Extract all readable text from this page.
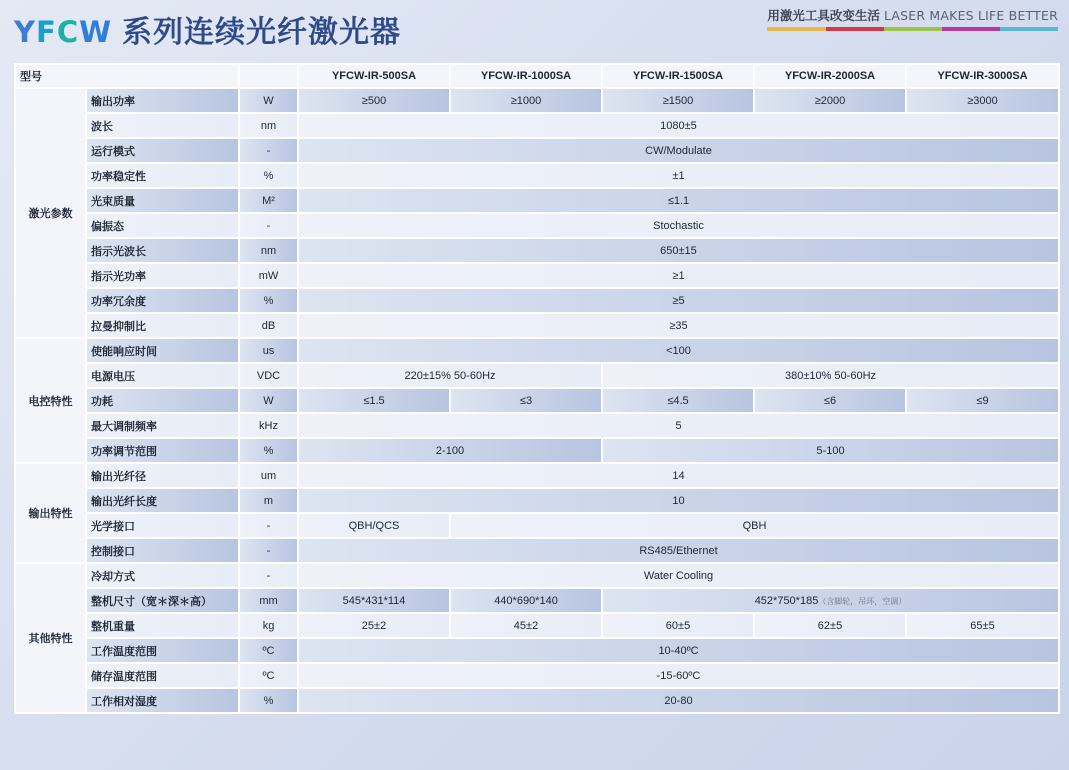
YFCW 系列连续光纤激光器	用激光工具改变生活 LASER MAKES LIFE BETTER
型号			YFCW-IR-500SA	YFCW-IR-1000SA	YFCW-IR-1500SA	YFCW-IR-2000SA	YFCW-IR-3000SA
激光参数	输出功率	W	≥500	≥1000	≥1500	≥2000	≥3000
	波长	nm	1080±5				
	运行模式	-	CW/Modulate				
	功率稳定性	%	±1				
	光束质量	M²	≤1.1				
	偏振态	-	Stochastic				
	指示光波长	nm	650±15				
	指示光功率	mW	≥1				
	功率冗余度	%	≥5				
	拉曼抑制比	dB	≥35				
电控特性	使能响应时间	us	<100				
	电源电压	VDC	220±15% 50-60Hz		380±10% 50-60Hz		
	功耗	W	≤1.5	≤3	≤4.5	≤6	≤9
	最大调制频率	kHz	5				
	功率调节范围	%	2-100		5-100		
输出特性	输出光纤径	um	14				
	输出光纤长度	m	10				
	光学接口	-	QBH/QCS	QBH			
	控制接口	-	RS485/Ethernet				
其他特性	冷却方式	-	Water Cooling				
	整机尺寸（宽＊深＊高）	mm	545*431*114	440*690*140	452*750*185（含脚轮，吊环，空调）		
	整机重量	kg	25±2	45±2	60±5	62±5	65±5
	工作温度范围	ºC	10-40ºC				
	储存温度范围	ºC	-15-60ºC				
	工作相对湿度	%	20-80				
